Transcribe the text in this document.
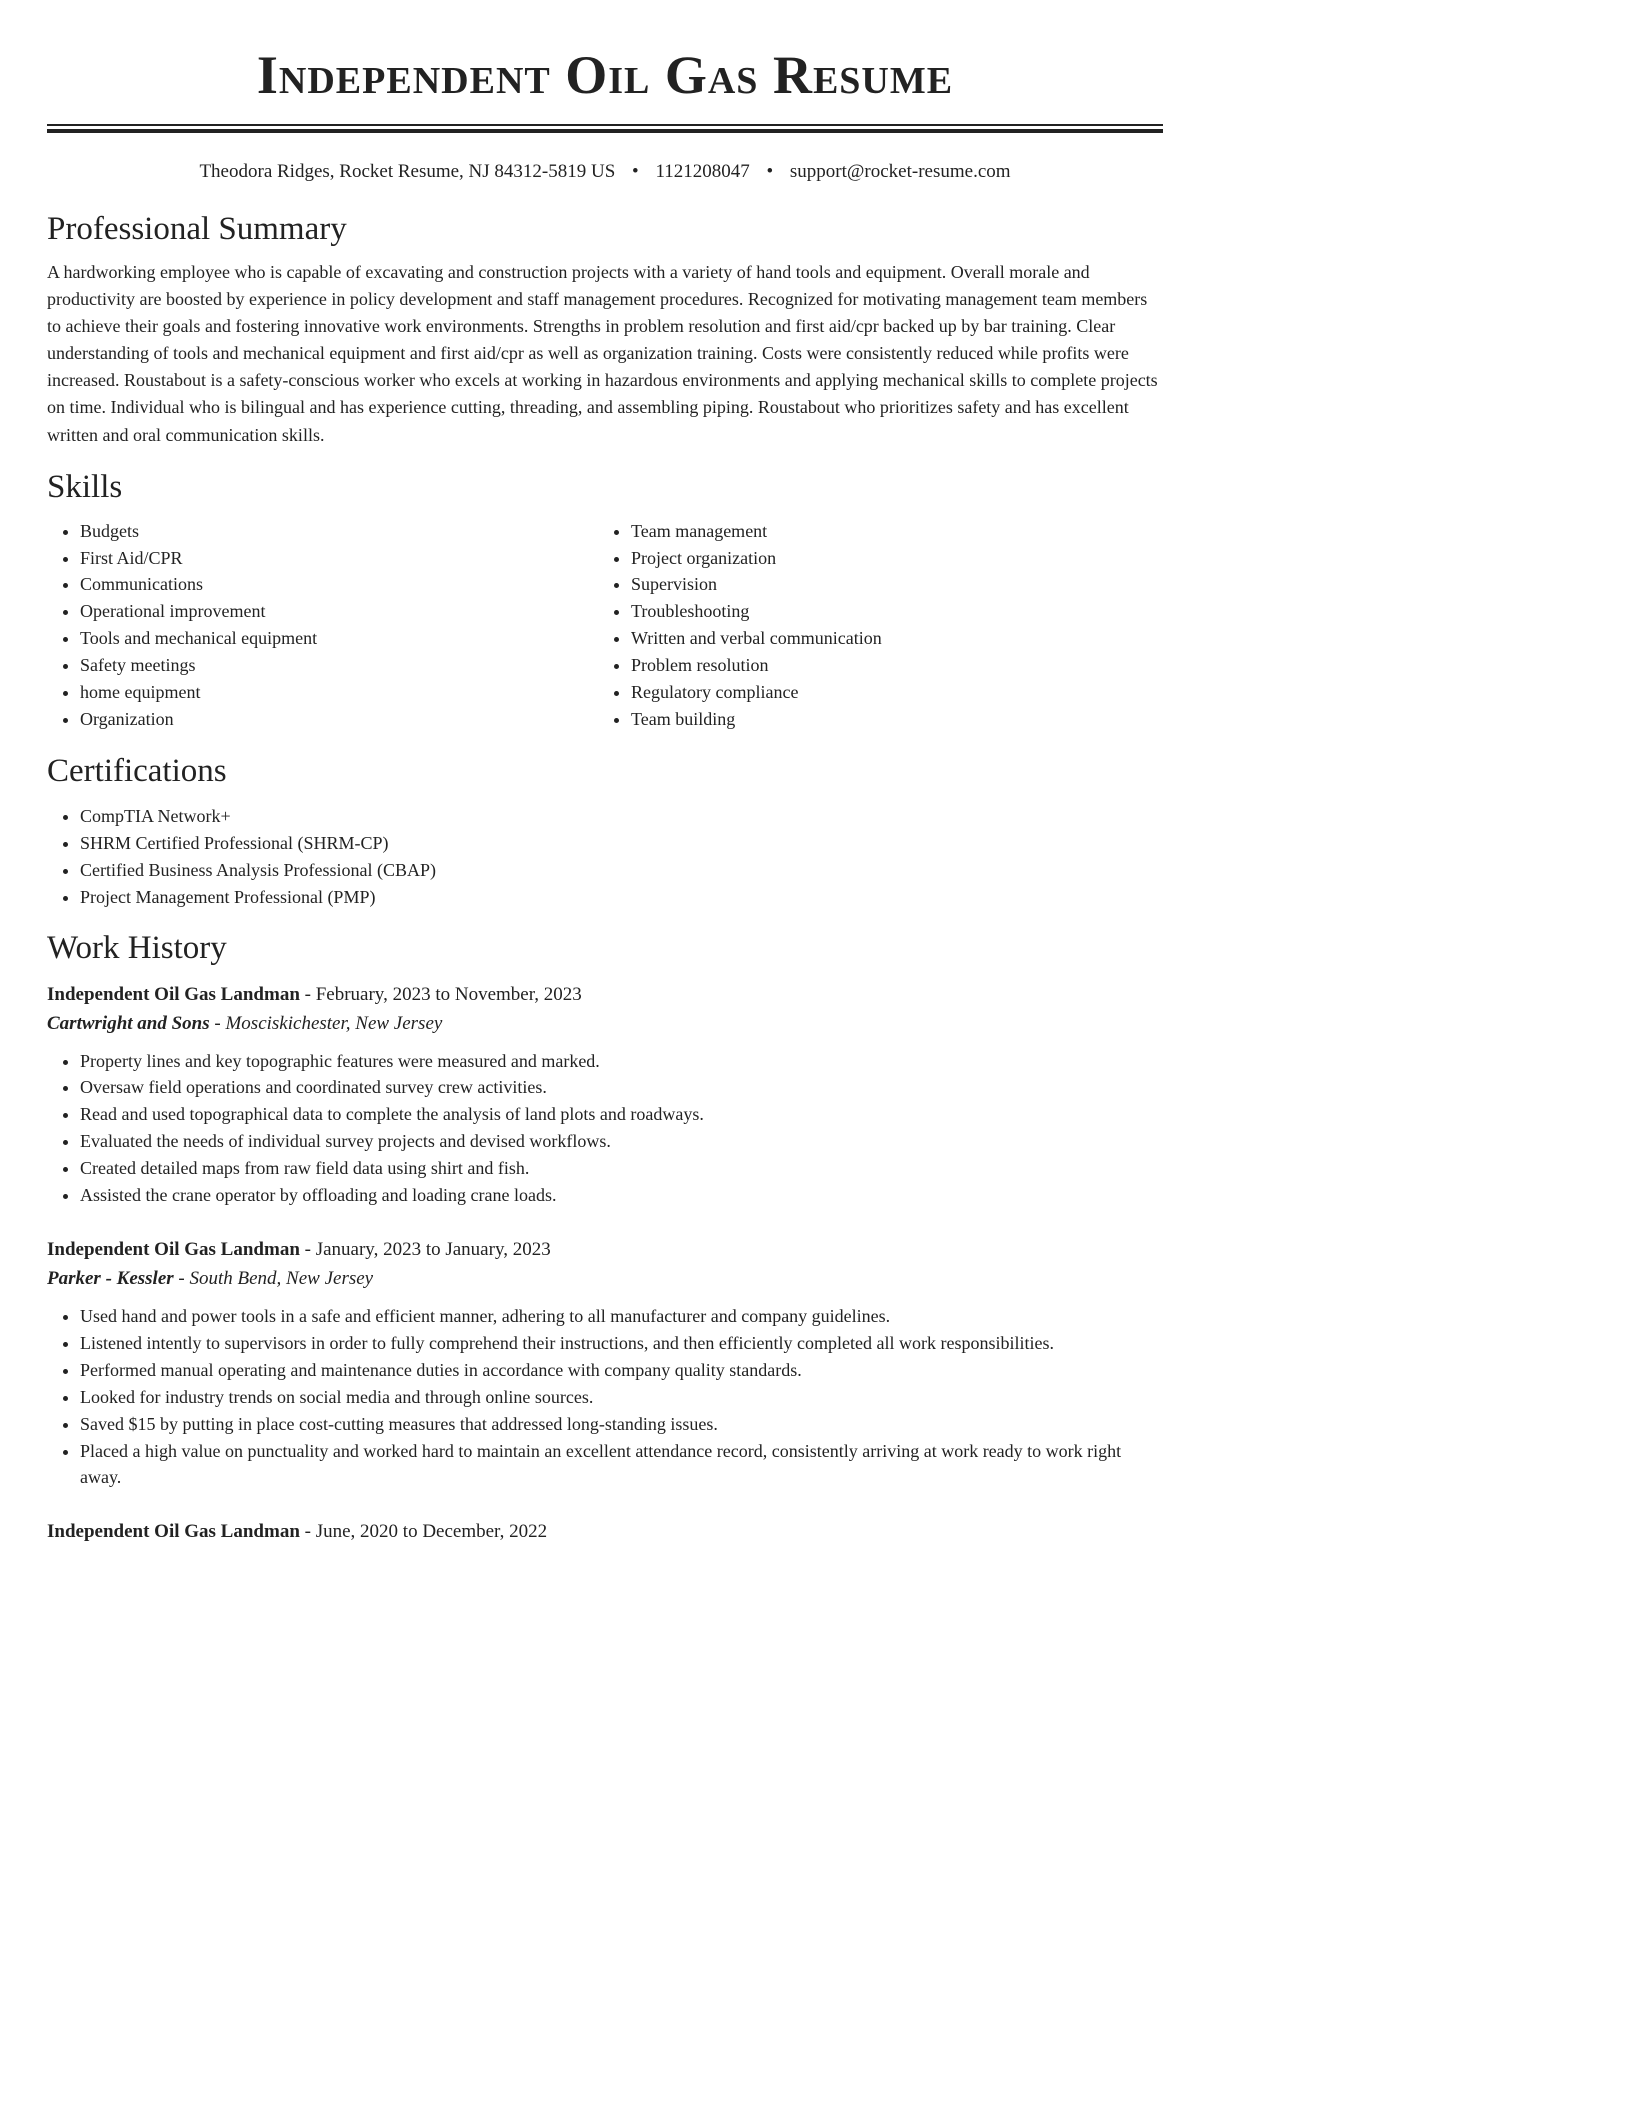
Independent Oil Gas Resume
Theodora Ridges, Rocket Resume, NJ 84312-5819 US • 1121208047 • support@rocket-resume.com
Professional Summary

A hardworking employee who is capable of excavating and construction projects with a variety of hand tools and equipment. Overall morale and productivity are boosted by experience in policy development and staff management procedures. Recognized for motivating management team members to achieve their goals and fostering innovative work environments. Strengths in problem resolution and first aid/cpr backed up by bar training. Clear understanding of tools and mechanical equipment and first aid/cpr as well as organization training. Costs were consistently reduced while profits were increased. Roustabout is a safety-conscious worker who excels at working in hazardous environments and applying mechanical skills to complete projects on time. Individual who is bilingual and has experience cutting, threading, and assembling piping. Roustabout who prioritizes safety and has excellent written and oral communication skills.

Skills
• Budgets
• First Aid/CPR
• Communications
• Operational improvement
• Tools and mechanical equipment
• Safety meetings
• home equipment
• Organization
• Team management
• Project organization
• Supervision
• Troubleshooting
• Written and verbal communication
• Problem resolution
• Regulatory compliance
• Team building
Certifications
• CompTIA Network+
• SHRM Certified Professional (SHRM-CP)
• Certified Business Analysis Professional (CBAP)
• Project Management Professional (PMP)
Work History
Independent Oil Gas Landman - February, 2023 to November, 2023
Cartwright and Sons - Mosciskichester, New Jersey
• Property lines and key topographic features were measured and marked.
• Oversaw field operations and coordinated survey crew activities.
• Read and used topographical data to complete the analysis of land plots and roadways.
• Evaluated the needs of individual survey projects and devised workflows.
• Created detailed maps from raw field data using shirt and fish.
• Assisted the crane operator by offloading and loading crane loads.
Independent Oil Gas Landman - January, 2023 to January, 2023
Parker - Kessler - South Bend, New Jersey
• Used hand and power tools in a safe and efficient manner, adhering to all manufacturer and company guidelines.
• Listened intently to supervisors in order to fully comprehend their instructions, and then efficiently completed all work responsibilities.
• Performed manual operating and maintenance duties in accordance with company quality standards.
• Looked for industry trends on social media and through online sources.
• Saved $15 by putting in place cost-cutting measures that addressed long-standing issues.
• Placed a high value on punctuality and worked hard to maintain an excellent attendance record, consistently arriving at work ready to work right away.
Independent Oil Gas Landman - June, 2020 to December, 2022
